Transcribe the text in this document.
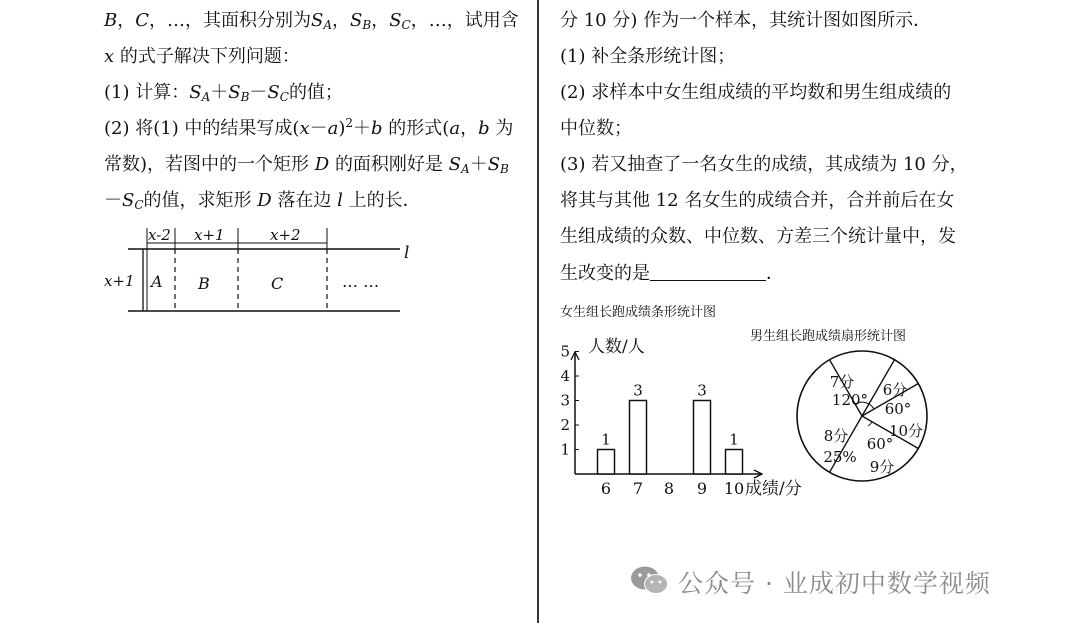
B，C，…，其面积分别为$S_A$，$S_B$，$S_C$，…，试用含
x 的式子解决下列问题：
(1) 计算：$S_A+S_B-S_C$的值；
(2) 将(1) 中的结果写成$(x-a)^2+b$ 的形式(a，b 为
常数)，若图中的一个矩形 D 的面积刚好是 $S_A+S_B$
$-S_C$的值，求矩形 D 落在边 l 上的长．
x-2 x+1	x+2
x+1
l
A B	C	… …
分 10 分) 作为一个样本，其统计图如图所示．
(1) 补全条形统计图；
(2) 求样本中女生组成绩的平均数和男生组成绩的
中位数；
(3) 若又抽查了一名女生的成绩，其成绩为 10 分，
将其与其他 12 名女生的成绩合并，合并前后在女
生组成绩的众数、中位数、方差三个统计量中，发
生改变的是	．
女生组长跑成绩条形统计图
人数/人
成绩/分
1
2
3
4
5
6
1
7
3
8 9
3
10
1
男生组长跑成绩扇形统计图
6分
60°
10分
9分
60°
8分
25%
7分
120°
公众号 · 业成初中数学视频
